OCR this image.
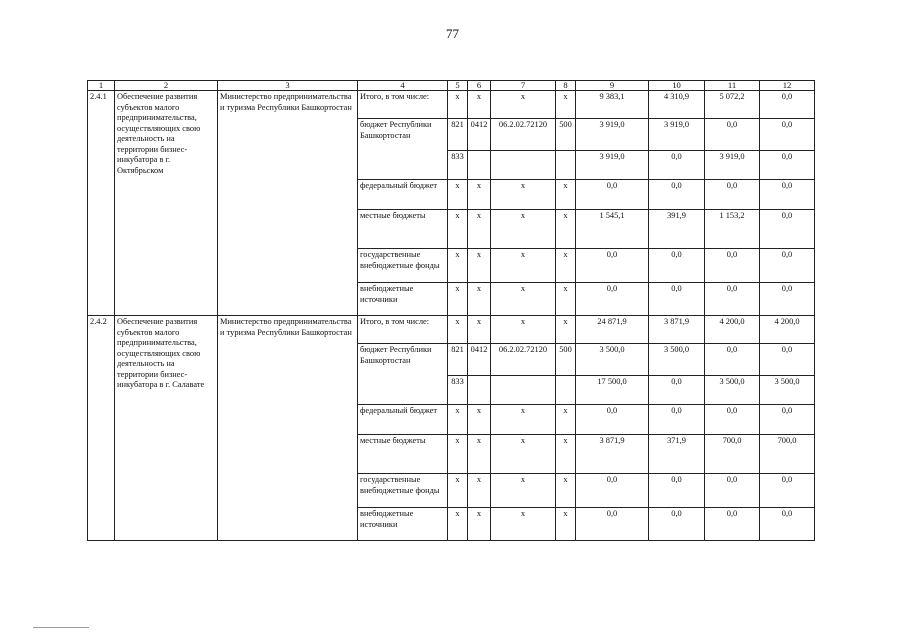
77
1	2	3	4	5	6	7	8	9	10	11	12
2.4.1	Обеспечение развития субъектов малого предпринимательства, осуществляющих свою деятельность на территории бизнес-инкубатора в г. Октябрьском	Министерство предпринимательства и туризма Республики Башкортостан	Итого, в том числе:	х	х	х	х	9 383,1	4 310,9	5 072,2	0,0
			бюджет Республики Башкортостан	821	0412	06.2.02.72120	500	3 919,0	3 919,0	0,0	0,0
				833				3 919,0	0,0	3 919,0	0,0
			федеральный бюджет	х	х	х	х	0,0	0,0	0,0	0,0
			местные бюджеты	х	х	х	х	1 545,1	391,9	1 153,2	0,0
			государственные внебюджетные фонды	х	х	х	х	0,0	0,0	0,0	0,0
			внебюджетные источники	х	х	х	х	0,0	0,0	0,0	0,0
2.4.2	Обеспечение развития субъектов малого предпринимательства, осуществляющих свою деятельность на территории бизнес-инкубатора в г. Салавате	Министерство предпринимательства и туризма Республики Башкортостан	Итого, в том числе:	х	х	х	х	24 871,9	3 871,9	4 200,0	4 200,0
			бюджет Республики Башкортостан	821	0412	06.2.02.72120	500	3 500,0	3 500,0	0,0	0,0
				833				17 500,0	0,0	3 500,0	3 500,0
			федеральный бюджет	х	х	х	х	0,0	0,0	0,0	0,0
			местные бюджеты	х	х	х	х	3 871,9	371,9	700,0	700,0
			государственные внебюджетные фонды	х	х	х	х	0,0	0,0	0,0	0,0
			внебюджетные источники	х	х	х	х	0,0	0,0	0,0	0,0
